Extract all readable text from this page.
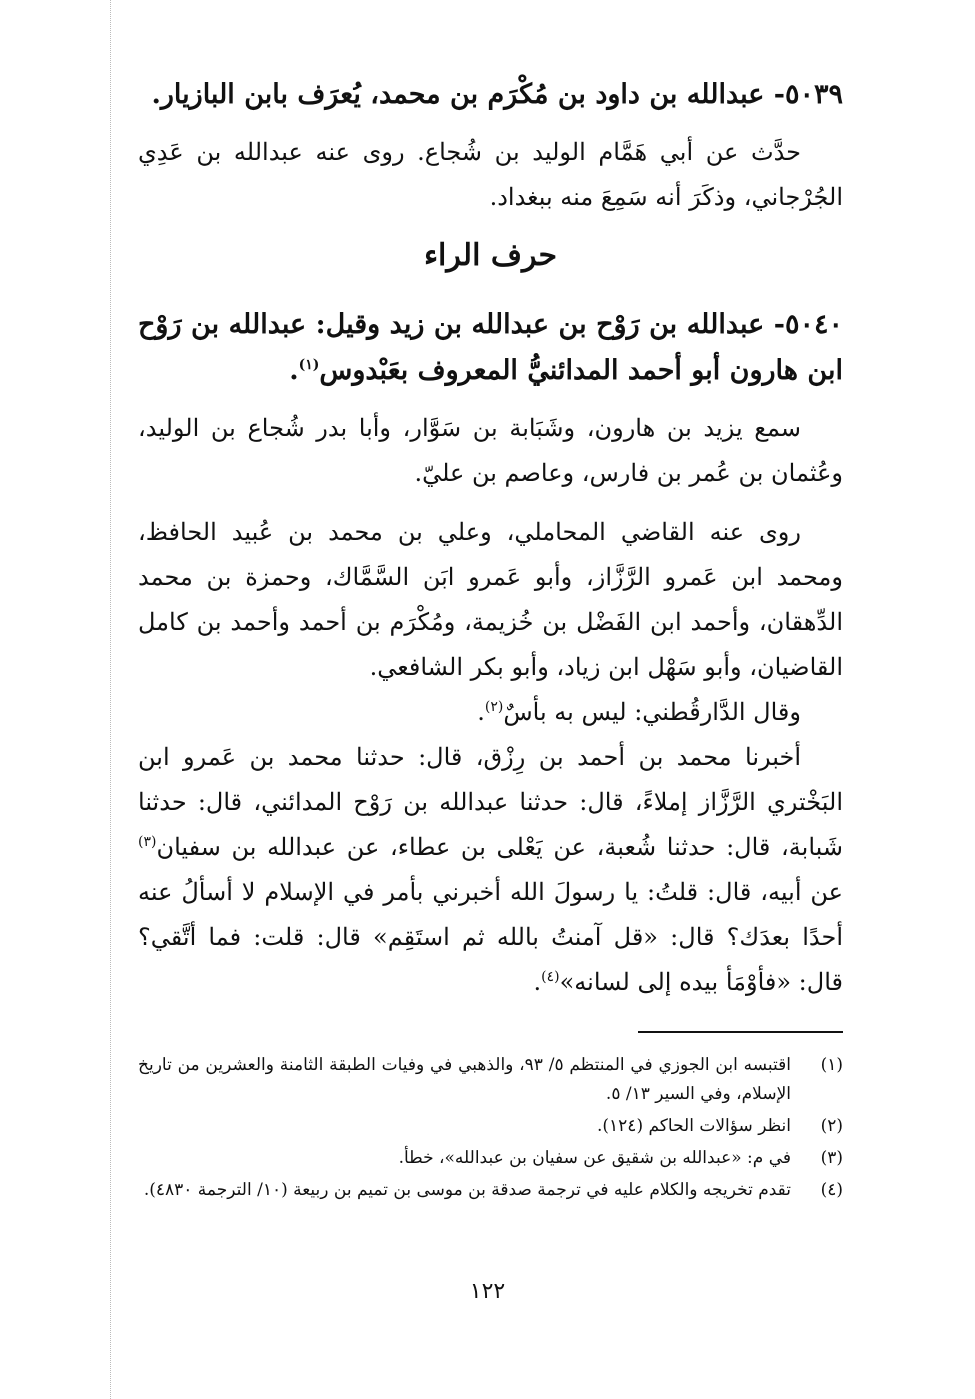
٥٠٣٩- عبدالله بن داود بن مُكْرَم بن محمد، يُعرَف بابن البازيار.

حدَّث عن أبي هَمَّام الوليد بن شُجاع. روى عنه عبدالله بن عَدِي الجُرْجاني، وذكَرَ أنه سَمِعَ منه ببغداد.

حرف الراء

٥٠٤٠- عبدالله بن رَوْح بن عبدالله بن زيد وقيل: عبدالله بن رَوْح ابن هارون أبو أحمد المدائنيُّ المعروف بعَبْدوس$^{(١)}$.

سمع يزيد بن هارون، وشَبَابة بن سَوَّار، وأبا بدر شُجاع بن الوليد، وعُثمان بن عُمر بن فارس، وعاصم بن عليّ.

روى عنه القاضي المحاملي، وعلي بن محمد بن عُبيد الحافظ، ومحمد ابن عَمرو الرَّزَّاز، وأبو عَمرو ابَن السَّمَّاك، وحمزة بن محمد الدِّهقان، وأحمد ابن الفَضْل بن خُزيمة، ومُكْرَم بن أحمد وأحمد بن كامل القاضيان، وأبو سَهْل ابن زياد، وأبو بكر الشافعي.

وقال الدَّارقُطني: ليس به بأسٌ$^{(٢)}$.

أخبرنا محمد بن أحمد بن رِزْق، قال: حدثنا محمد بن عَمرو ابن البَخْتري الرَّزَّاز إملاءً، قال: حدثنا عبدالله بن رَوْح المدائني، قال: حدثنا شَبابة، قال: حدثنا شُعبة، عن يَعْلى بن عطاء، عن عبدالله بن سفيان$^{(٣)}$ عن أبيه، قال: قلتُ: يا رسولَ الله أخبرني بأمر في الإسلام لا أسألُ عنه أحدًا بعدَك؟ قال: «قل آمنتُ بالله ثم استَقِم» قال: قلت: فما أتَّقي؟ قال: «فأوْمَأ بيده إلى لسانه»$^{(٤)}$.

(١)
اقتبسه ابن الجوزي في المنتظم ٥/ ٩٣، والذهبي في وفيات الطبقة الثامنة والعشرين من تاريخ الإسلام، وفي السير ١٣/ ٥.
(٢)
انظر سؤالات الحاكم (١٢٤).
(٣)
في م: «عبدالله بن شقيق عن سفيان بن عبدالله»، خطأ.
(٤)
تقدم تخريجه والكلام عليه في ترجمة صدقة بن موسى بن تميم بن ربيعة (١٠/ الترجمة ٤٨٣٠).
١٢٢
